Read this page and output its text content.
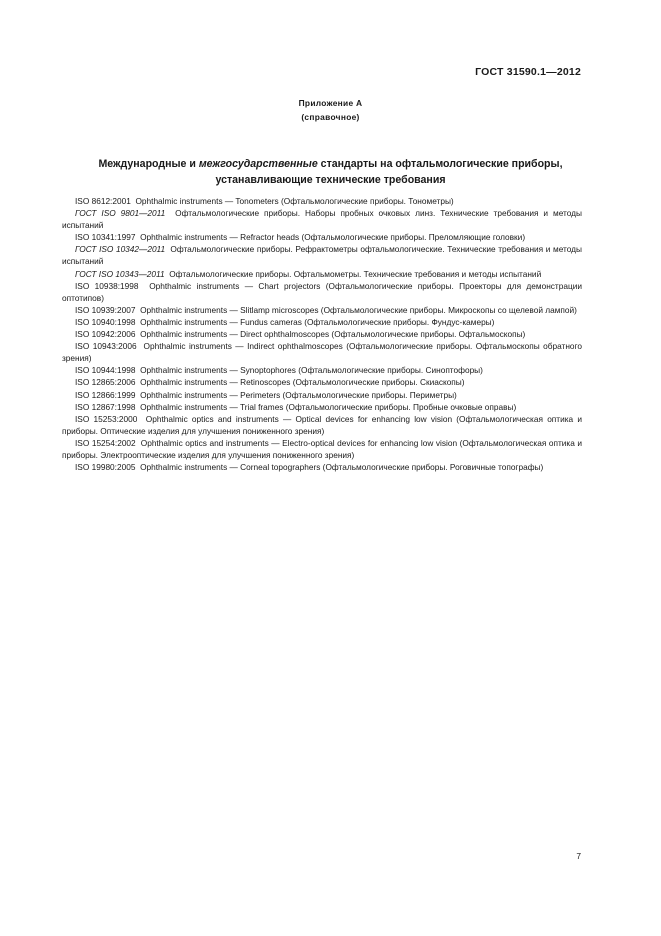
ГОСТ 31590.1—2012
Приложение А
(справочное)
Международные и межгосударственные стандарты на офтальмологические приборы,
устанавливающие технические требования

ISO 8612:2001 Ophthalmic instruments — Tonometers (Офтальмологические приборы. Тонометры)

ГОСТ ISO 9801—2011 Офтальмологические приборы. Наборы пробных очковых линз. Технические требования и методы испытаний

ISO 10341:1997 Ophthalmic instruments — Refractor heads (Офтальмологические приборы. Преломляющие головки)

ГОСТ ISO 10342—2011 Офтальмологические приборы. Рефрактометры офтальмологические. Технические требования и методы испытаний

ГОСТ ISO 10343—2011 Офтальмологические приборы. Офтальмометры. Технические требования и методы испытаний

ISO 10938:1998 Ophthalmic instruments — Chart projectors (Офтальмологические приборы. Проекторы для демонстрации оптотипов)

ISO 10939:2007 Ophthalmic instruments — Slitlamp microscopes (Офтальмологические приборы. Микроскопы со щелевой лампой)

ISO 10940:1998 Ophthalmic instruments — Fundus cameras (Офтальмологические приборы. Фундус-камеры)

ISO 10942:2006 Ophthalmic instruments — Direct ophthalmoscopes (Офтальмологические приборы. Офтальмоскопы)

ISO 10943:2006 Ophthalmic instruments — Indirect ophthalmoscopes (Офтальмологические приборы. Офтальмоскопы обратного зрения)

ISO 10944:1998 Ophthalmic instruments — Synoptophores (Офтальмологические приборы. Синоптофоры)

ISO 12865:2006 Ophthalmic instruments — Retinoscopes (Офтальмологические приборы. Скиаскопы)

ISO 12866:1999 Ophthalmic instruments — Perimeters (Офтальмологические приборы. Периметры)

ISO 12867:1998 Ophthalmic instruments — Trial frames (Офтальмологические приборы. Пробные очковые оправы)

ISO 15253:2000 Ophthalmic optics and instruments — Optical devices for enhancing low vision (Офтальмологическая оптика и приборы. Оптические изделия для улучшения пониженного зрения)

ISO 15254:2002 Ophthalmic optics and instruments — Electro-optical devices for enhancing low vision (Офтальмологическая оптика и приборы. Электрооптические изделия для улучшения пониженного зрения)

ISO 19980:2005 Ophthalmic instruments — Corneal topographers (Офтальмологические приборы. Роговичные топографы)

7
